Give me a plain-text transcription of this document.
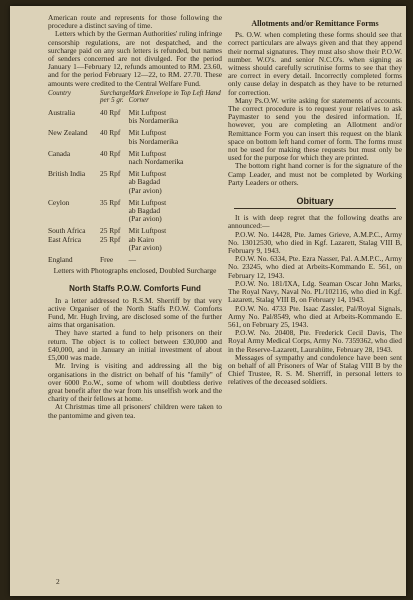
American route and represents for those following the procedure a distinct saving of time.

Letters which by the German Authorities' ruling infringe censorship regulations, are not despatched, and the surcharge paid on any such letters is refunded, but names of senders concerned are not divulged. For the period January 1—February 12, refunds amounted to RM. 23.60, and for the period February 12—22, to RM. 27.70. These amounts were credited to the Central Welfare Fund.

Country	Surcharge per 5 gr.	Mark Envelope in Top Left Hand Corner
Australia	40 Rpf	Mit Luftpost
bis Nordamerika

New Zealand	40 Rpf	Mit Luftpost
bis Nordamerika

Canada	40 Rpf	Mit Luftpost
nach Nordamerika

British India	25 Rpf	Mit Luftpost
ab Bagdad
(Par avion)

Ceylon	35 Rpf	Mit Luftpost
ab Bagdad
(Par avion)

South Africa	25 Rpf	Mit Luftpost

East Africa	25 Rpf	ab Kairo
(Par avion)

England	Free	—

Letters with Photographs enclosed, Doubled Surcharge

North Staffs P.O.W. Comforts Fund

In a letter addressed to R.S.M. Sherriff by that very active Organiser of the North Staffs P.O.W. Comforts Fund, Mr. Hugh Irving, are disclosed some of the further aims that organisation.

They have started a fund to help prisoners on their return. The object is to collect between £30,000 and £40,000, and in January an initial investment of about £5,000 was made.

Mr. Irving is visiting and addressing all the big organisations in the district on behalf of his "family" of over 6000 P.o.W., some of whom will doubtless derive great benefit after the war from his unselfish work and the charity of their fellows at home.

At Christmas time all prisoners' children were taken to the pantomime and given tea.

Allotments and/or Remittance Forms

Ps. O.W. when completing these forms should see that correct particulars are always given and that they append their normal signatures. They must also show their P.O.W. number. W.O's. and senior N.C.O's. when signing as witness should carefully scrutinise forms to see that they are correct in every detail. Incorrectly completed forms only cause delay in despatch as they have to be returned for correction.

Many Ps.O.W. write asking for statements of accounts. The correct procedure is to request your relatives to ask Paymaster to send you the desired information. If, however, you are completing an Allotment and/or Remittance Form you can insert this request on the blank space on bottom left hand corner of form. The forms must not be used for making these requests but must only be used for the purpose for which they are printed.

The bottom right hand corner is for the signature of the Camp Leader, and must not be completed by Working Party Leaders or others.

Obituary

It is with deep regret that the following deaths are announced:—

P.O.W. No. 14428, Pte. James Grieve, A.M.P.C., Army No. 13012530, who died in Kgf. Lazarett, Stalag VIII B, February 9, 1943.

P.O.W. No. 6334, Pte. Ezra Nasser, Pal. A.M.P.C., Army No. 23245, who died at Arbeits-Kommando E. 561, on February 12, 1943.

P.O.W. No. 181/IXA, Ldg. Seaman Oscar John Marks, The Royal Navy, Naval No. PL/102116, who died in Kgf. Lazarett, Stalag VIII B, on February 14, 1943.

P.O.W. No. 4733 Pte. Isaac Zassler, Pal/Royal Signals, Army No. Pal/8549, who died at Arbeits-Kommando E. 561, on February 25, 1943.

P.O.W. No. 20408, Pte. Frederick Cecil Davis, The Royal Army Medical Corps, Army No. 7359362, who died in the Reserve-Lazarett, Laurahütte, February 28, 1943.

Messages of sympathy and condolence have been sent on behalf of all Prisoners of War of Stalag VIII B by the Chief Trustee, R. S. M. Sherriff, in personal letters to relatives of the deceased soldiers.

2
